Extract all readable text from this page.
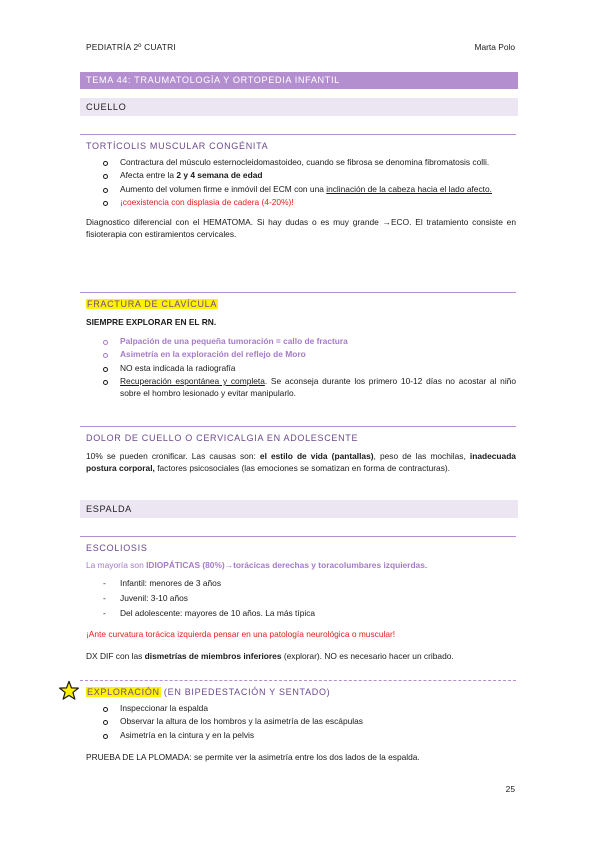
PEDIATRÍA 2º CUATRI	Marta Polo
TEMA 44: TRAUMATOLOGÍA Y ORTOPEDIA INFANTIL
CUELLO
TORTÍCOLIS MUSCULAR CONGÉNITA
Contractura del músculo esternocleidomastoideo, cuando se fibrosa se denomina fibromatosis colli.
Afecta entre la 2 y 4 semana de edad
Aumento del volumen firme e inmóvil del ECM con una inclinación de la cabeza hacia el lado afecto.
¡coexistencia con displasia de cadera (4-20%)!

Diagnostico diferencial con el HEMATOMA. Si hay dudas o es muy grande →ECO. El tratamiento consiste en fisioterapia con estiramientos cervicales.

FRACTURA DE CLAVÍCULA

SIEMPRE EXPLORAR EN EL RN.

Palpación de una pequeña tumoración = callo de fractura
Asimetría en la exploración del reflejo de Moro
NO esta indicada la radiografía
Recuperación espontánea y completa. Se aconseja durante los primero 10-12 días no acostar al niño sobre el hombro lesionado y evitar manipularlo.
DOLOR DE CUELLO O CERVICALGIA EN ADOLESCENTE

10% se pueden cronificar. Las causas son: el estilo de vida (pantallas), peso de las mochilas, inadecuada postura corporal, factores psicosociales (las emociones se somatizan en forma de contracturas).

ESPALDA
ESCOLIOSIS

La mayoría son IDIOPÁTICAS (80%)→torácicas derechas y toracolumbares izquierdas.

- Infantil: menores de 3 años
- Juvenil: 3-10 años
- Del adolescente: mayores de 10 años. La más típica

¡Ante curvatura torácica izquierda pensar en una patología neurológica o muscular!

DX DIF con las dismetrías de miembros inferiores (explorar). NO es necesario hacer un cribado.

EXPLORACIÓN (EN BIPEDESTACIÓN Y SENTADO)
Inspeccionar la espalda
Observar la altura de los hombros y la asimetría de las escápulas
Asimetría en la cintura y en la pelvis

PRUEBA DE LA PLOMADA: se permite ver la asimetría entre los dos lados de la espalda.

25
